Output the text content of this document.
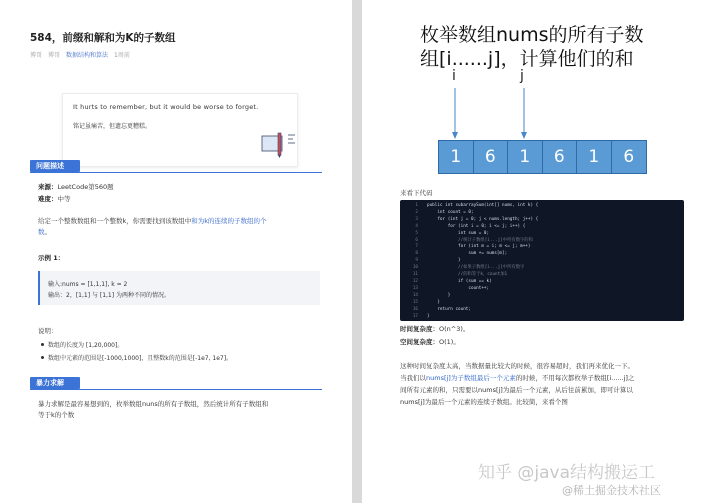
584，前缀和解和为K的子数组
博哥 博哥 数据结构和算法 1周前
It hurts to remember, but it would be worse to forget.
铭记虽痛苦，但遗忘更糟糕。
问题描述
来源：LeetCode第560题
难度：中等
给定一个整数数组和一个整数k，你需要找到该数组中和为k的连续的子数组的个
数。
示例 1：
输入:nums = [1,1,1], k = 2
输出：2，[1,1] 与 [1,1] 为两种不同的情况。
说明：
数组的长度为 [1,20,000]。
数组中元素的范围是[-1000,1000]，且整数k的范围是[-1e7, 1e7]。
暴力求解
暴力求解是最容易想到的，枚举数组nuns的所有子数组，然后统计所有子数组和
等于k的个数
枚举数组nums的所有子数
组[i......j]，计算他们的和
i	j
1	6	1	6	1	6
来看下代码
1 public int subarraySum(int[] nums, int k) {
2    int count = 0;
3    for (int j = 0; j < nums.length; j++) {
4        for (int i = 0; i <= j; i++) {
5            int sum = 0;
6            //统计子数组[i...j]中所有数字的和
7            for (int m = i; m <= j; m++)
8                sum += nums[m];
9            }
10            //如果子数组[i...j]中所有数字
11            //的和等于k，count加1
12            if (sum == k)
13                count++;
14        }
15    }
16    return count;
17 }
时间复杂度：O(n^3)。
空间复杂度：O(1)。
这种时间复杂度太高，当数据量比较大的时候，很容易超时，我们再来优化一下。
当我们以nums[j]为子数组最后一个元素的时候，不用每次都枚举子数组[i......j]之
间所有元素的和，只需要以nums[j]为最后一个元素，从后往前累加，即可计算以
nums[j]为最后一个元素的连续子数组。比较简，来看个图
知乎 @java结构搬运工
@稀土掘金技术社区
